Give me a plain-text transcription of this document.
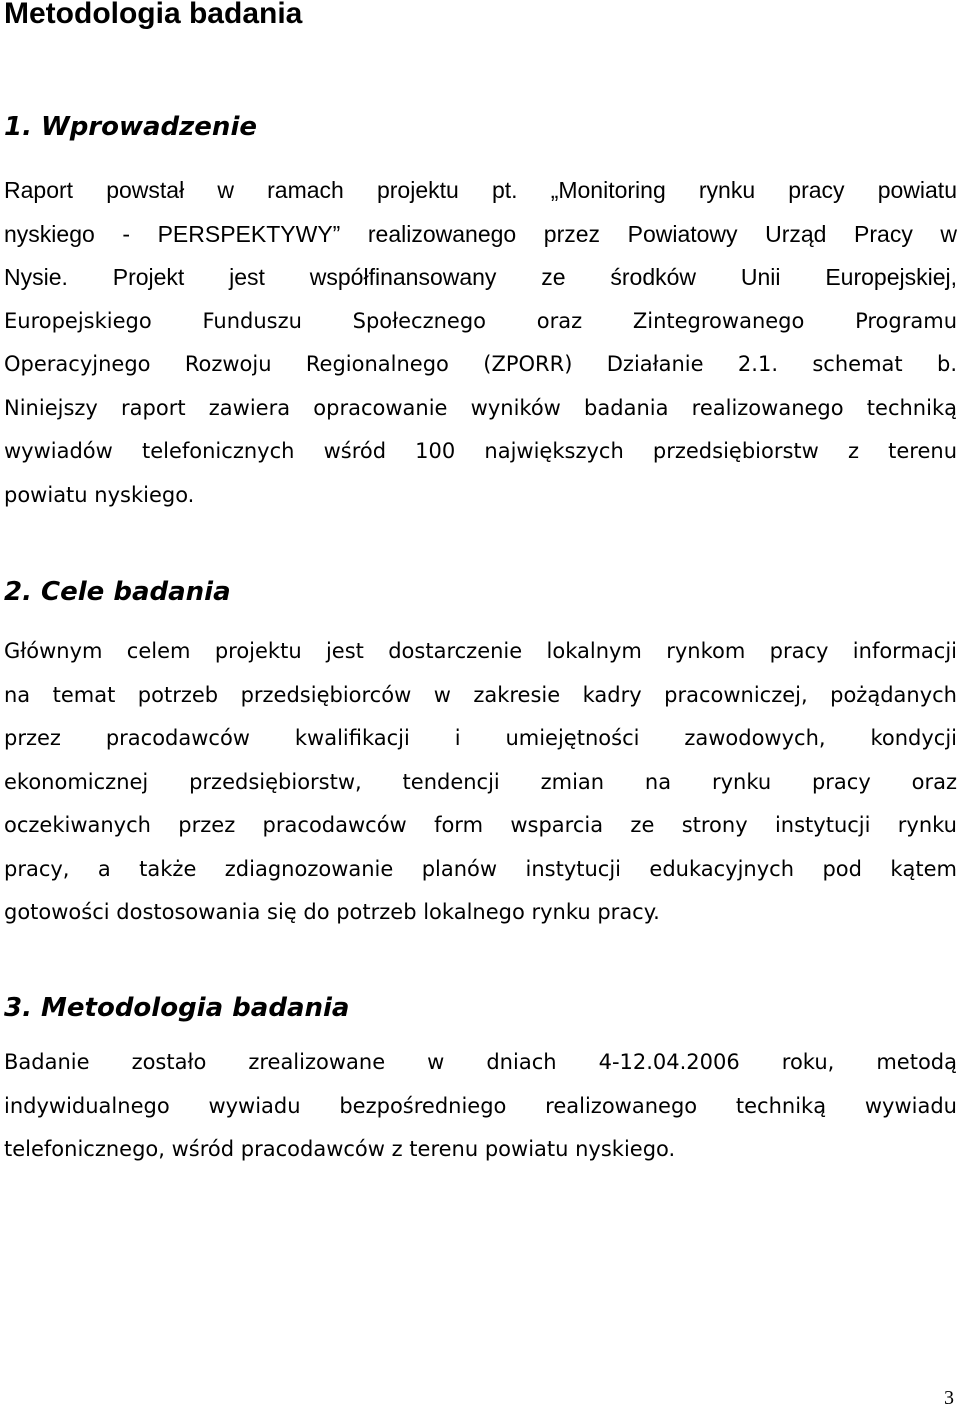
Metodologia badania
1. Wprowadzenie
Raport powstał w ramach projektu pt. „Monitoring rynku pracy powiatu
nyskiego - PERSPEKTYWY” realizowanego przez Powiatowy Urząd Pracy w
Nysie. Projekt jest współfinansowany ze środków Unii Europejskiej,
Europejskiego Funduszu Społecznego oraz Zintegrowanego Programu
Operacyjnego Rozwoju Regionalnego (ZPORR) Działanie 2.1. schemat b.
Niniejszy raport zawiera opracowanie wyników badania realizowanego techniką
wywiadów telefonicznych wśród 100 największych przedsiębiorstw z terenu
powiatu nyskiego.
2. Cele badania
Głównym celem projektu jest dostarczenie lokalnym rynkom pracy informacji
na temat potrzeb przedsiębiorców w zakresie kadry pracowniczej, pożądanych
przez pracodawców kwalifikacji i umiejętności zawodowych, kondycji
ekonomicznej przedsiębiorstw, tendencji zmian na rynku pracy oraz
oczekiwanych przez pracodawców form wsparcia ze strony instytucji rynku
pracy, a także zdiagnozowanie planów instytucji edukacyjnych pod kątem
gotowości dostosowania się do potrzeb lokalnego rynku pracy.
3. Metodologia badania
Badanie zostało zrealizowane w dniach 4-12.04.2006 roku, metodą
indywidualnego wywiadu bezpośredniego realizowanego techniką wywiadu
telefonicznego, wśród pracodawców z terenu powiatu nyskiego.
3
